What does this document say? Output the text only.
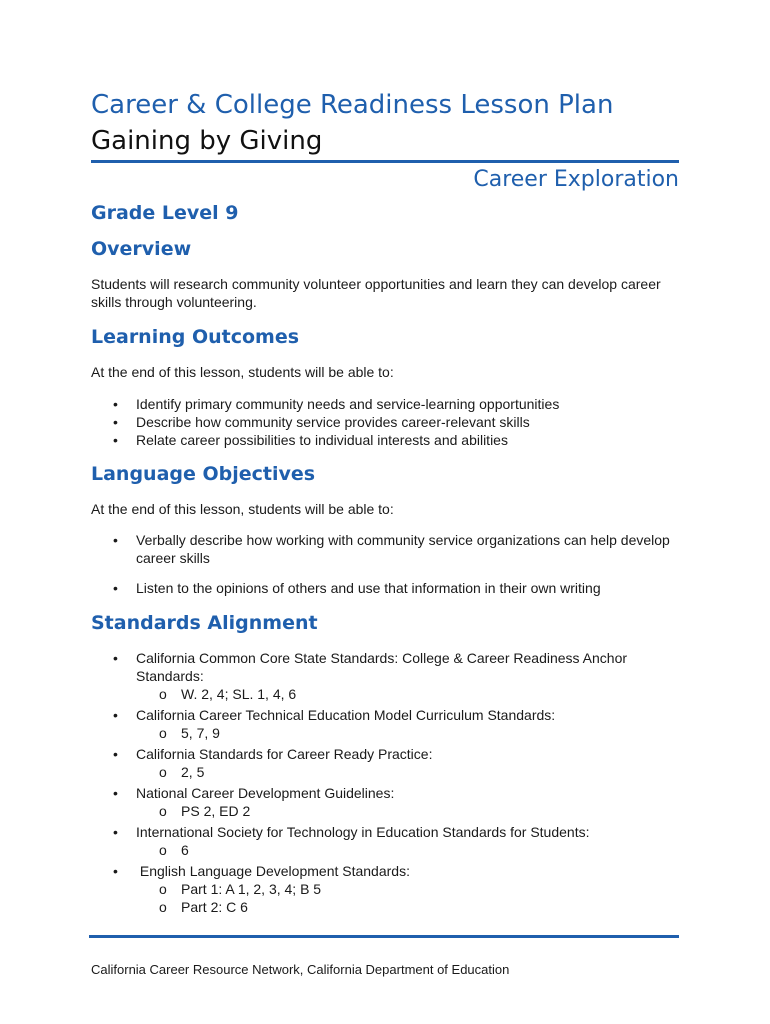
Career & College Readiness Lesson Plan
Gaining by Giving
Career Exploration
Grade Level 9
Overview
Students will research community volunteer opportunities and learn they can develop career skills through volunteering.
Learning Outcomes
At the end of this lesson, students will be able to:
• Identify primary community needs and service-learning opportunities
• Describe how community service provides career-relevant skills
• Relate career possibilities to individual interests and abilities
Language Objectives
At the end of this lesson, students will be able to:
• Verbally describe how working with community service organizations can help develop career skills
• Listen to the opinions of others and use that information in their own writing
Standards Alignment
• California Common Core State Standards: College & Career Readiness Anchor Standards:
o W. 2, 4; SL. 1, 4, 6
• California Career Technical Education Model Curriculum Standards:
o 5, 7, 9
• California Standards for Career Ready Practice:
o 2, 5
• National Career Development Guidelines:
o PS 2, ED 2
• International Society for Technology in Education Standards for Students:
o 6
•  English Language Development Standards:
o Part 1: A 1, 2, 3, 4; B 5
o Part 2: C 6
California Career Resource Network, California Department of Education
